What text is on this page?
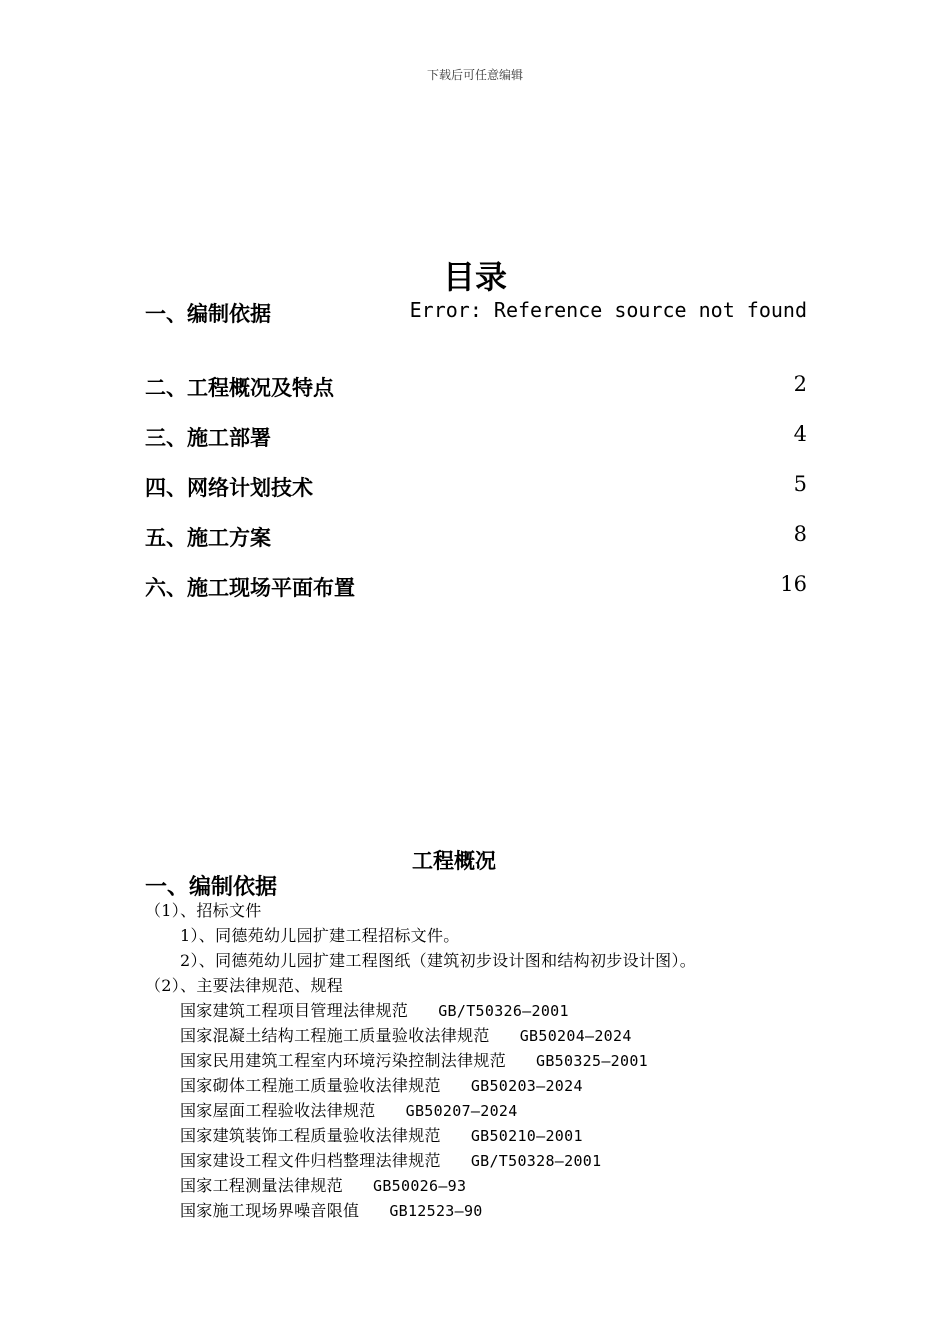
下载后可任意编辑
目录
一、编制依据	Error: Reference source not found
二、工程概况及特点	2
三、施工部署	4
四、网络计划技术	5
五、施工方案	8
六、施工现场平面布置	16
工程概况
一、编制依据
（1）、招标文件
1）、同德苑幼儿园扩建工程招标文件。
2）、同德苑幼儿园扩建工程图纸（建筑初步设计图和结构初步设计图）。
（2）、主要法律规范、规程
国家建筑工程项目管理法律规范 GB/T50326—2001
国家混凝土结构工程施工质量验收法律规范 GB50204—2024
国家民用建筑工程室内环境污染控制法律规范 GB50325—2001
国家砌体工程施工质量验收法律规范 GB50203—2024
国家屋面工程验收法律规范 GB50207—2024
国家建筑装饰工程质量验收法律规范 GB50210—2001
国家建设工程文件归档整理法律规范 GB/T50328—2001
国家工程测量法律规范 GB50026—93
国家施工现场界噪音限值 GB12523—90
